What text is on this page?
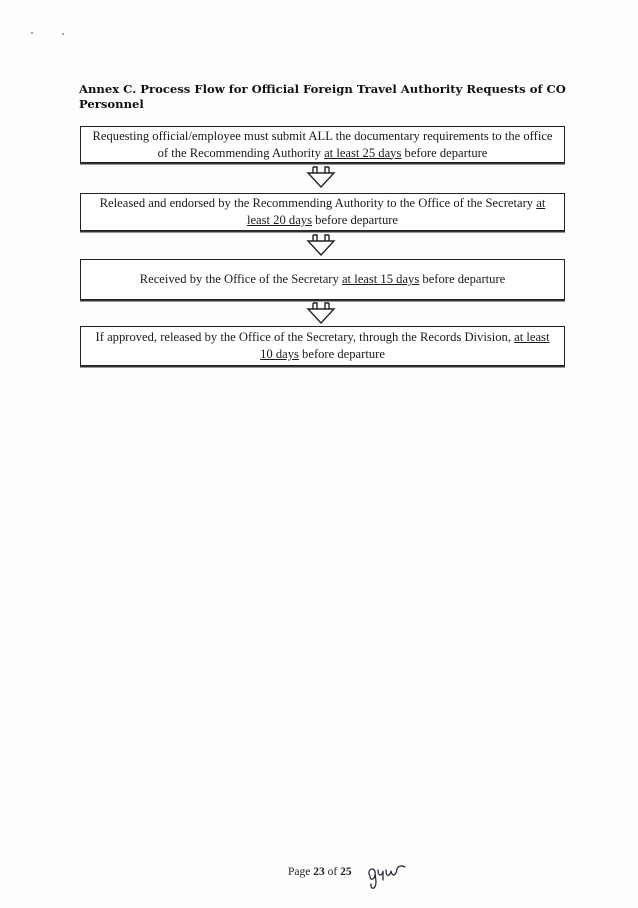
Annex C. Process Flow for Official Foreign Travel Authority Requests of CO Personnel
Requesting official/employee must submit ALL the documentary requirements to the office of the Recommending Authority at least 25 days before departure
Released and endorsed by the Recommending Authority to the Office of the Secretary at least 20 days before departure
Received by the Office of the Secretary at least 15 days before departure
If approved, released by the Office of the Secretary, through the Records Division, at least 10 days before departure
Page 23 of 25
